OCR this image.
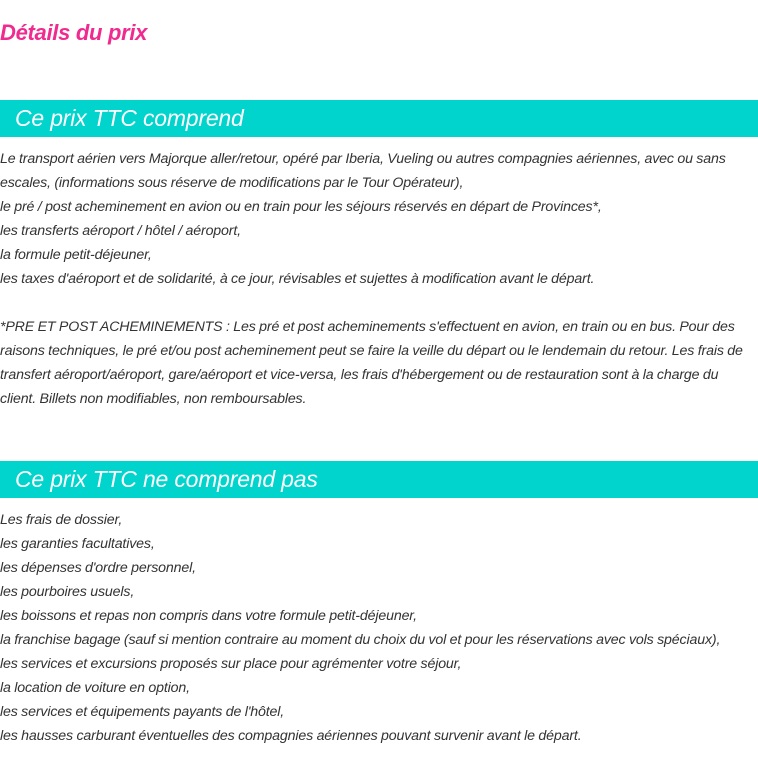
Détails du prix
Ce prix TTC comprend
Le transport aérien vers Majorque aller/retour, opéré par Iberia, Vueling ou autres compagnies aériennes, avec ou sans escales, (informations sous réserve de modifications par le Tour Opérateur),
le pré / post acheminement en avion ou en train pour les séjours réservés en départ de Provinces*,
les transferts aéroport / hôtel / aéroport,
la formule petit-déjeuner,
les taxes d'aéroport et de solidarité, à ce jour, révisables et sujettes à modification avant le départ.
*PRE ET POST ACHEMINEMENTS : Les pré et post acheminements s'effectuent en avion, en train ou en bus. Pour des raisons techniques, le pré et/ou post acheminement peut se faire la veille du départ ou le lendemain du retour. Les frais de transfert aéroport/aéroport, gare/aéroport et vice-versa, les frais d'hébergement ou de restauration sont à la charge du client. Billets non modifiables, non remboursables.
Ce prix TTC ne comprend pas
Les frais de dossier,
les garanties facultatives,
les dépenses d'ordre personnel,
les pourboires usuels,
les boissons et repas non compris dans votre formule petit-déjeuner,
la franchise bagage (sauf si mention contraire au moment du choix du vol et pour les réservations avec vols spéciaux),
les services et excursions proposés sur place pour agrémenter votre séjour,
la location de voiture en option,
les services et équipements payants de l'hôtel,
les hausses carburant éventuelles des compagnies aériennes pouvant survenir avant le départ.
